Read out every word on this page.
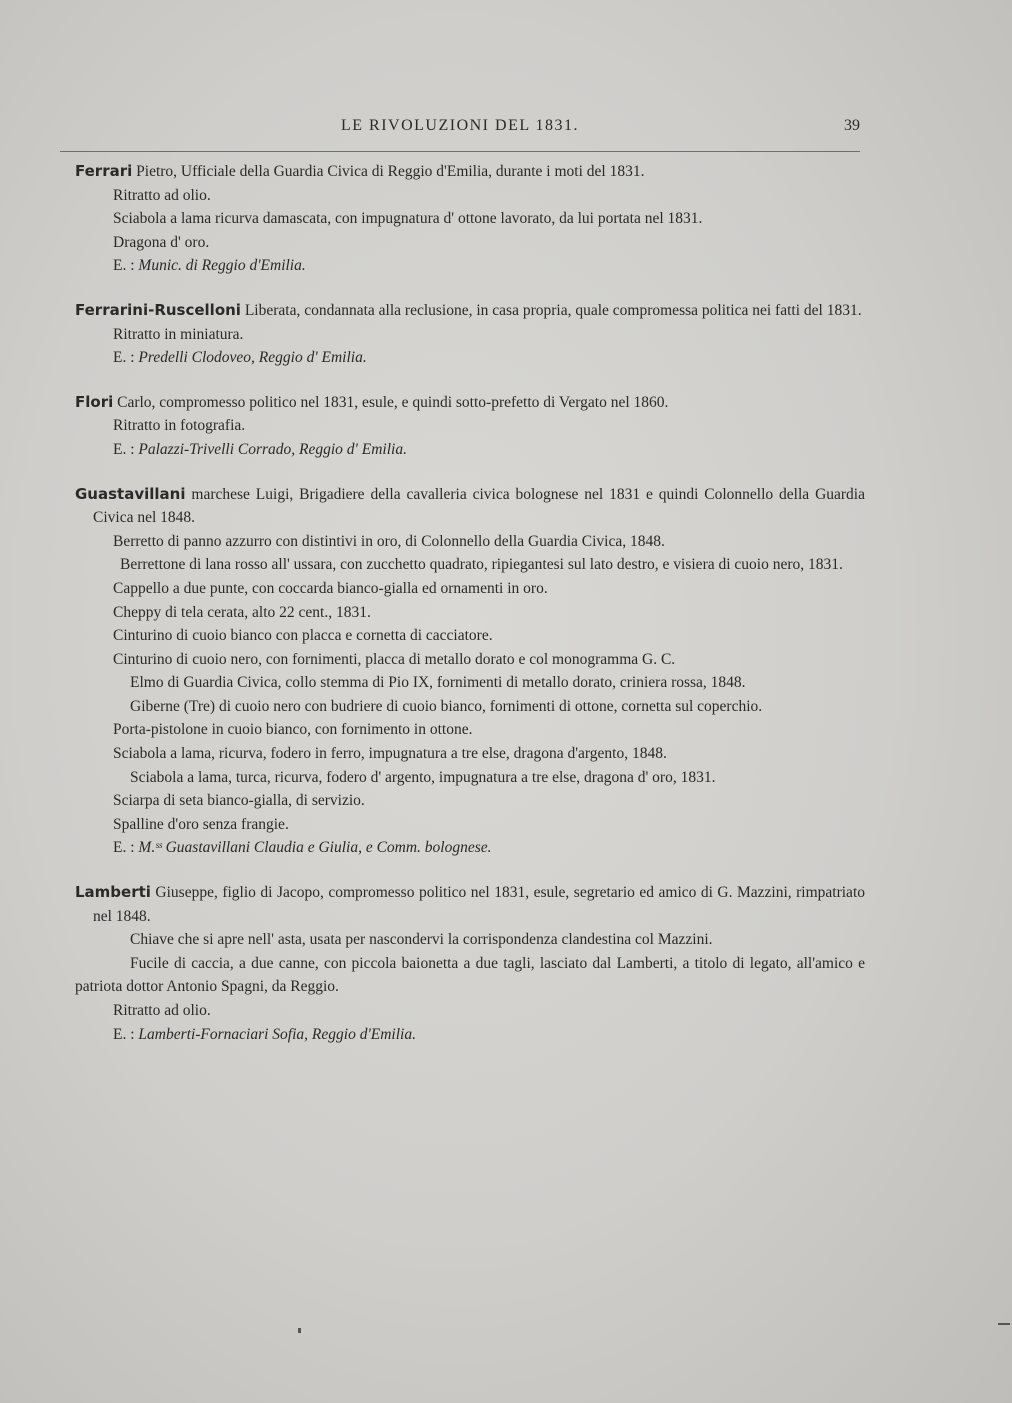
LE RIVOLUZIONI DEL 1831.	39
Ferrari Pietro, Ufficiale della Guardia Civica di Reggio d'Emilia, durante i moti del 1831.
Ritratto ad olio.
Sciabola a lama ricurva damascata, con impugnatura d' ottone lavorato, da lui portata nel 1831.
Dragona d' oro.
E. : Munic. di Reggio d'Emilia.
Ferrarini-Ruscelloni Liberata, condannata alla reclusione, in casa propria, quale compromessa politica nei fatti del 1831.
Ritratto in miniatura.
E. : Predelli Clodoveo, Reggio d' Emilia.
Flori Carlo, compromesso politico nel 1831, esule, e quindi sotto-prefetto di Vergato nel 1860.
Ritratto in fotografia.
E. : Palazzi-Trivelli Corrado, Reggio d' Emilia.
Guastavillani marchese Luigi, Brigadiere della cavalleria civica bolognese nel 1831 e quindi Colonnello della Guardia Civica nel 1848.
Berretto di panno azzurro con distintivi in oro, di Colonnello della Guardia Civica, 1848.
Berrettone di lana rosso all' ussara, con zucchetto quadrato, ripiegantesi sul lato destro, e visiera di cuoio nero, 1831.
Cappello a due punte, con coccarda bianco-gialla ed ornamenti in oro.
Cheppy di tela cerata, alto 22 cent., 1831.
Cinturino di cuoio bianco con placca e cornetta di cacciatore.
Cinturino di cuoio nero, con fornimenti, placca di metallo dorato e col monogramma G. C.
Elmo di Guardia Civica, collo stemma di Pio IX, fornimenti di metallo dorato, criniera rossa, 1848.
Giberne (Tre) di cuoio nero con budriere di cuoio bianco, fornimenti di ottone, cornetta sul coperchio.
Porta-pistolone in cuoio bianco, con fornimento in ottone.
Sciabola a lama, ricurva, fodero in ferro, impugnatura a tre else, dragona d'argento, 1848.
Sciabola a lama, turca, ricurva, fodero d' argento, impugnatura a tre else, dragona d' oro, 1831.
Sciarpa di seta bianco-gialla, di servizio.
Spalline d'oro senza frangie.
E. : M.ˢˢ Guastavillani Claudia e Giulia, e Comm. bolognese.
Lamberti Giuseppe, figlio di Jacopo, compromesso politico nel 1831, esule, segretario ed amico di G. Mazzini, rimpatriato nel 1848.
Chiave che si apre nell' asta, usata per nascondervi la corrispondenza clandestina col Mazzini.
Fucile di caccia, a due canne, con piccola baionetta a due tagli, lasciato dal Lamberti, a titolo di legato, all'amico e patriota dottor Antonio Spagni, da Reggio.
Ritratto ad olio.
E. : Lamberti-Fornaciari Sofia, Reggio d'Emilia.
